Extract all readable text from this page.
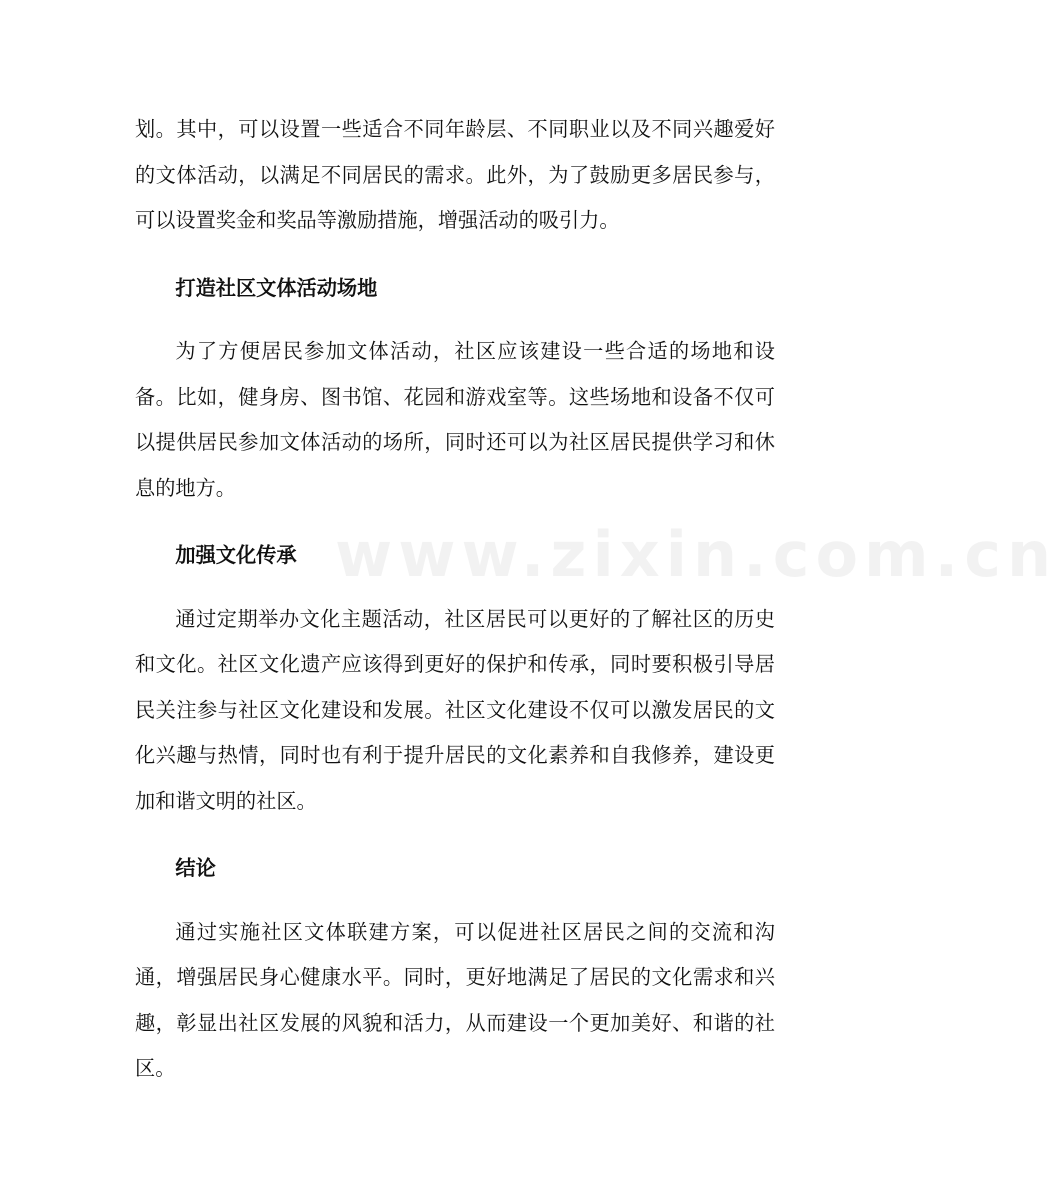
划。其中，可以设置一些适合不同年龄层、不同职业以及不同兴趣爱好的文体活动，以满足不同居民的需求。此外，为了鼓励更多居民参与，可以设置奖金和奖品等激励措施，增强活动的吸引力。

打造社区文体活动场地

为了方便居民参加文体活动，社区应该建设一些合适的场地和设备。比如，健身房、图书馆、花园和游戏室等。这些场地和设备不仅可以提供居民参加文体活动的场所，同时还可以为社区居民提供学习和休息的地方。

加强文化传承

通过定期举办文化主题活动，社区居民可以更好的了解社区的历史和文化。社区文化遗产应该得到更好的保护和传承，同时要积极引导居民关注参与社区文化建设和发展。社区文化建设不仅可以激发居民的文化兴趣与热情，同时也有利于提升居民的文化素养和自我修养，建设更加和谐文明的社区。

结论

通过实施社区文体联建方案，可以促进社区居民之间的交流和沟通，增强居民身心健康水平。同时，更好地满足了居民的文化需求和兴趣，彰显出社区发展的风貌和活力，从而建设一个更加美好、和谐的社区。

www.zixin.com.cn
